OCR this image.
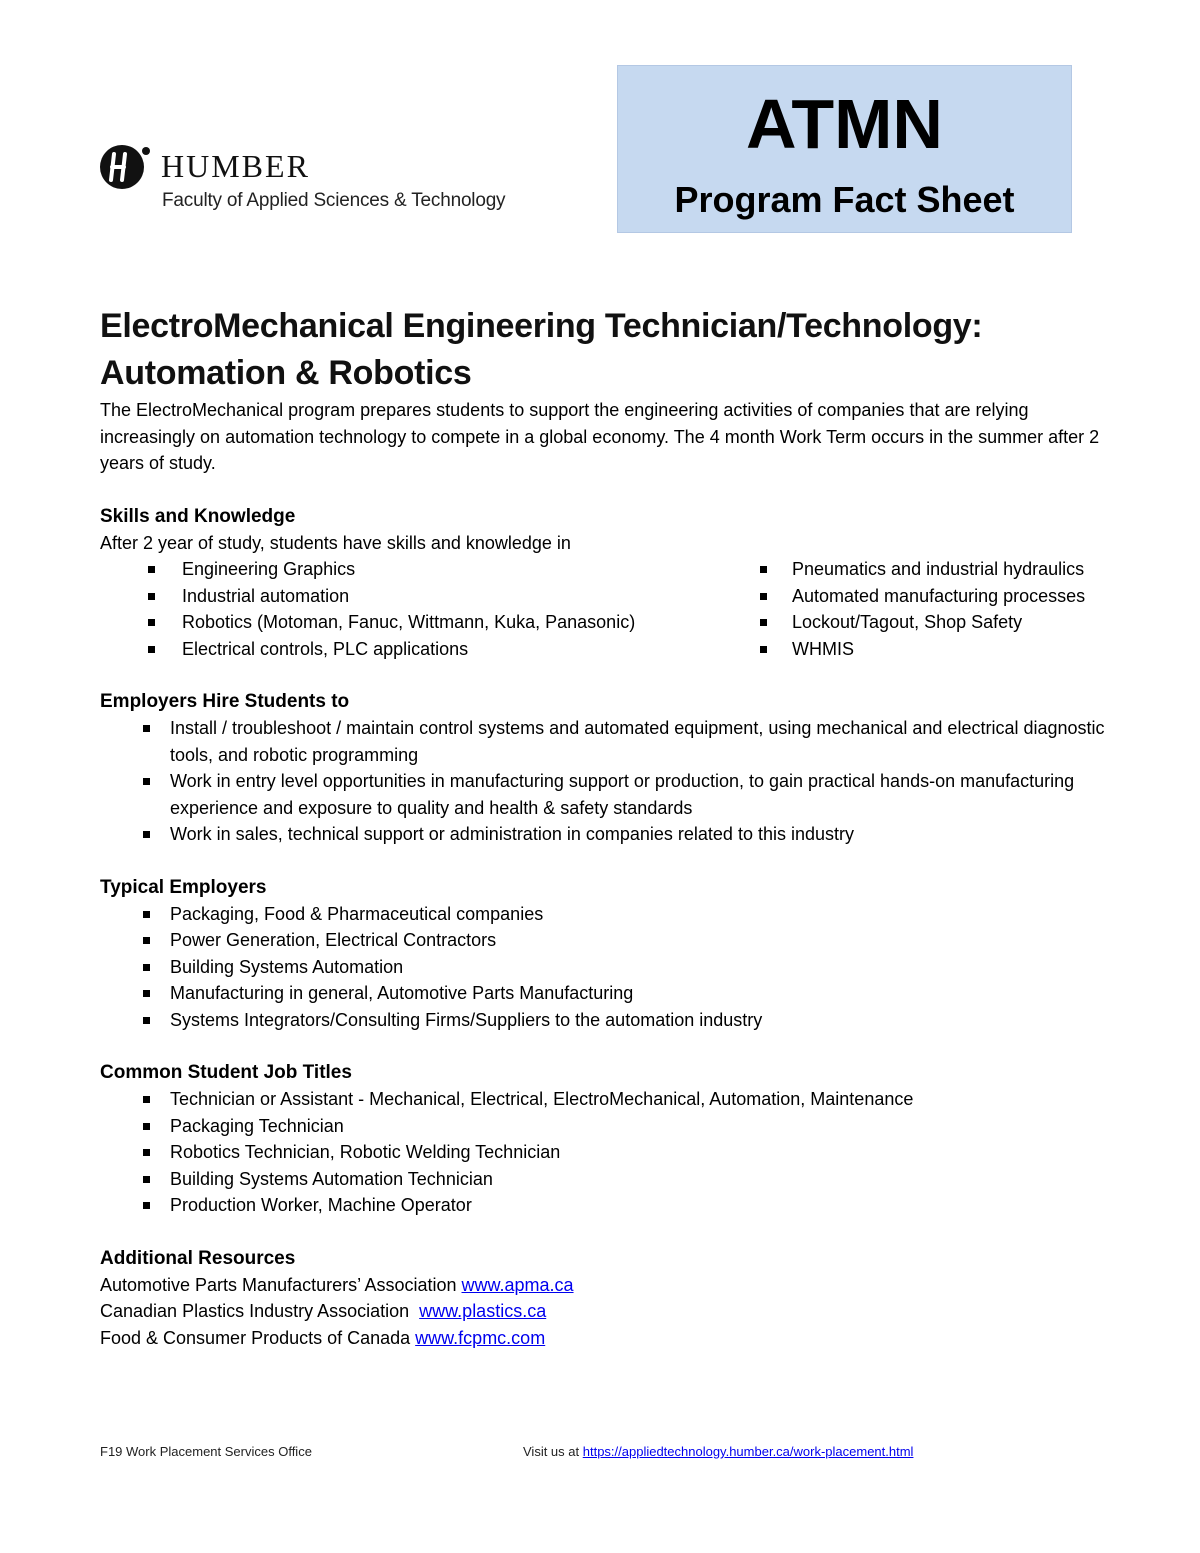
HUMBER
Faculty of Applied Sciences & Technology
ATMN
Program Fact Sheet
ElectroMechanical Engineering Technician/Technology:
Automation & Robotics

The ElectroMechanical program prepares students to support the engineering activities of companies that are relying increasingly on automation technology to compete in a global economy. The 4 month Work Term occurs in the summer after 2 years of study.

Skills and Knowledge

After 2 year of study, students have skills and knowledge in

Engineering Graphics
Industrial automation
Robotics (Motoman, Fanuc, Wittmann, Kuka, Panasonic)
Electrical controls, PLC applications
Pneumatics and industrial hydraulics
Automated manufacturing processes
Lockout/Tagout, Shop Safety
WHMIS
Employers Hire Students to
Install / troubleshoot / maintain control systems and automated equipment, using mechanical and electrical diagnostic tools, and robotic programming
Work in entry level opportunities in manufacturing support or production, to gain practical hands-on manufacturing experience and exposure to quality and health & safety standards
Work in sales, technical support or administration in companies related to this industry
Typical Employers
Packaging, Food & Pharmaceutical companies
Power Generation, Electrical Contractors
Building Systems Automation
Manufacturing in general, Automotive Parts Manufacturing
Systems Integrators/Consulting Firms/Suppliers to the automation industry
Common Student Job Titles
Technician or Assistant - Mechanical, Electrical, ElectroMechanical, Automation, Maintenance
Packaging Technician
Robotics Technician, Robotic Welding Technician
Building Systems Automation Technician
Production Worker, Machine Operator
Additional Resources

Automotive Parts Manufacturers’ Association www.apma.ca

Canadian Plastics Industry Association  www.plastics.ca

Food & Consumer Products of Canada www.fcpmc.com

F19 Work Placement Services Office	Visit us at https://appliedtechnology.humber.ca/work-placement.html
